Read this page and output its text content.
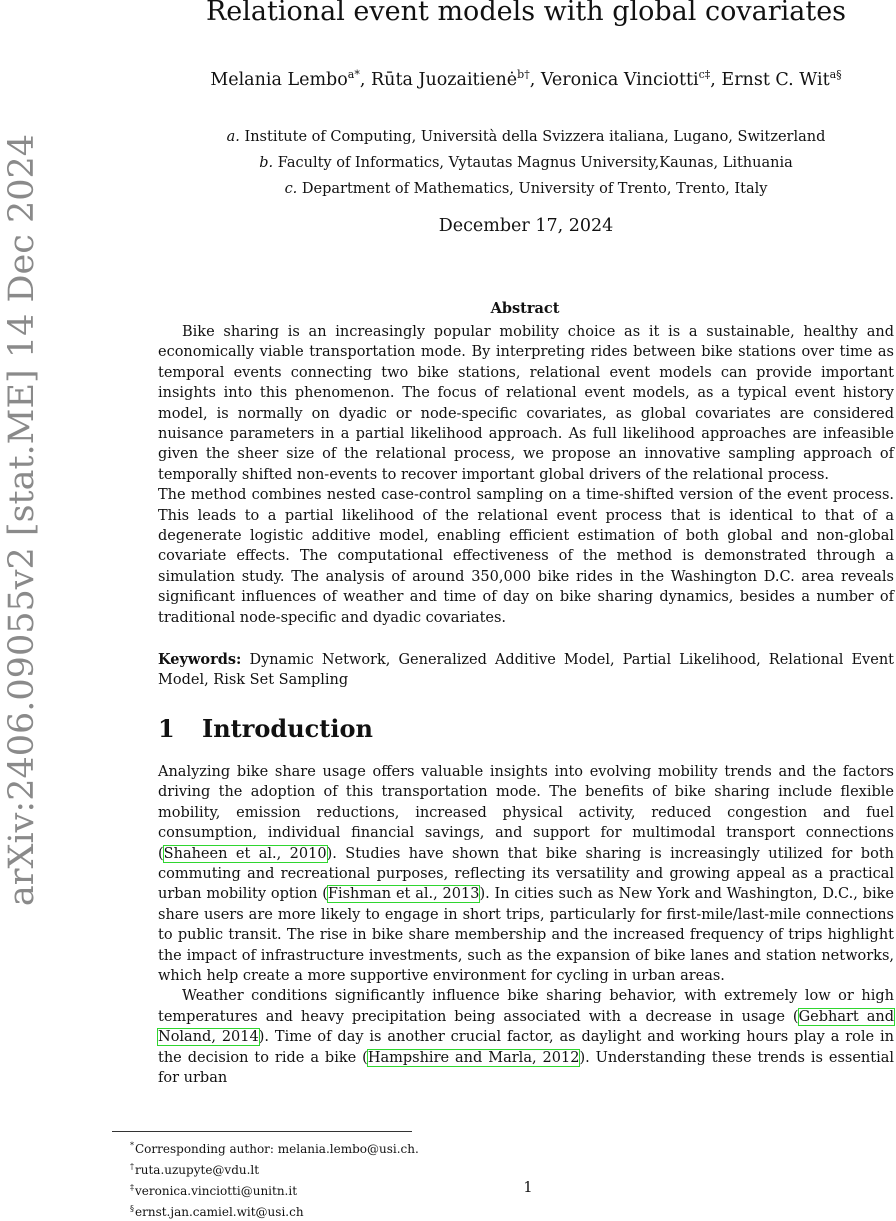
arXiv:2406.09055v2 [stat.ME] 14 Dec 2024
Relational event models with global covariates
Melania Lembo$^{a*}$, Rūta Juozaitienė$^{b\dagger}$, Veronica Vinciotti$^{c\ddagger}$, Ernst C. Wit$^{a\S}$
a. Institute of Computing, Università della Svizzera italiana, Lugano, Switzerland
b. Faculty of Informatics, Vytautas Magnus University,Kaunas, Lithuania
c. Department of Mathematics, University of Trento, Trento, Italy
December 17, 2024
Abstract

Bike sharing is an increasingly popular mobility choice as it is a sustainable, healthy and economically viable transportation mode. By interpreting rides between bike stations over time as temporal events connecting two bike stations, relational event models can provide important insights into this phenomenon. The focus of relational event models, as a typical event history model, is normally on dyadic or node-specific covariates, as global covariates are considered nuisance parameters in a partial likelihood approach. As full likelihood approaches are infeasible given the sheer size of the relational process, we propose an innovative sampling approach of temporally shifted non-events to recover important global drivers of the relational process.

The method combines nested case-control sampling on a time-shifted version of the event process. This leads to a partial likelihood of the relational event process that is identical to that of a degenerate logistic additive model, enabling efficient estimation of both global and non-global covariate effects. The computational effectiveness of the method is demonstrated through a simulation study. The analysis of around 350,000 bike rides in the Washington D.C. area reveals significant influences of weather and time of day on bike sharing dynamics, besides a number of traditional node-specific and dyadic covariates.

Keywords: Dynamic Network, Generalized Additive Model, Partial Likelihood, Relational Event Model, Risk Set Sampling

1 Introduction

Analyzing bike share usage offers valuable insights into evolving mobility trends and the factors driving the adoption of this transportation mode. The benefits of bike sharing include flexible mobility, emission reductions, increased physical activity, reduced congestion and fuel consumption, individual financial savings, and support for multimodal transport connections (Shaheen et al., 2010). Studies have shown that bike sharing is increasingly utilized for both commuting and recreational purposes, reflecting its versatility and growing appeal as a practical urban mobility option (Fishman et al., 2013). In cities such as New York and Washington, D.C., bike share users are more likely to engage in short trips, particularly for first-mile/last-mile connections to public transit. The rise in bike share membership and the increased frequency of trips highlight the impact of infrastructure investments, such as the expansion of bike lanes and station networks, which help create a more supportive environment for cycling in urban areas.

Weather conditions significantly influence bike sharing behavior, with extremely low or high temperatures and heavy precipitation being associated with a decrease in usage (Gebhart and Noland, 2014). Time of day is another crucial factor, as daylight and working hours play a role in the decision to ride a bike (Hampshire and Marla, 2012). Understanding these trends is essential for urban

*Corresponding author: melania.lembo@usi.ch.
†ruta.uzupyte@vdu.lt
‡veronica.vinciotti@unitn.it
§ernst.jan.camiel.wit@usi.ch
1
